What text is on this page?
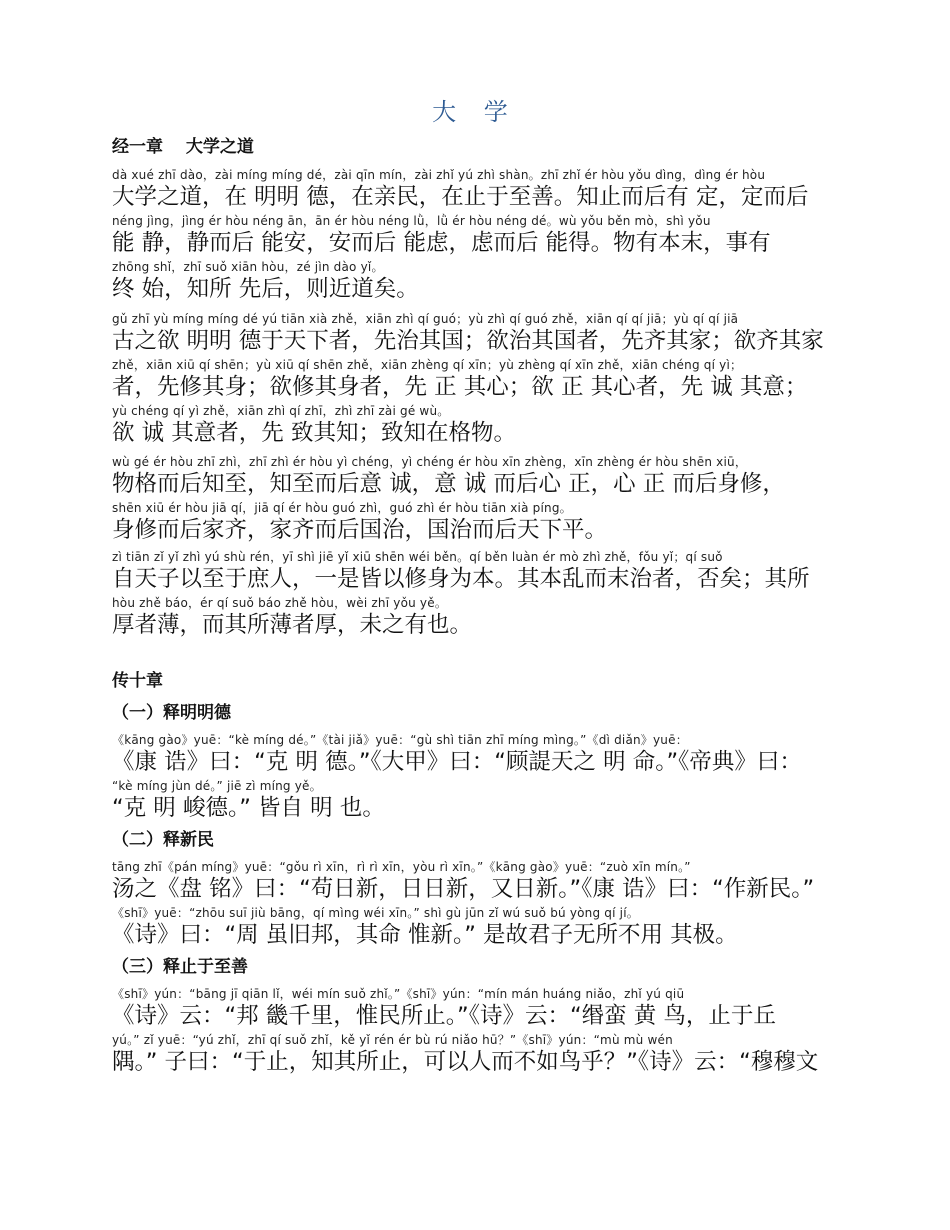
大 学
经一章　 大学之道
dà xué zhī dào，zài míng míng dé，zài qīn mín，zài zhǐ yú zhì shàn。zhī zhǐ ér hòu yǒu dìng，dìng ér hòu
大学之道，在 明明 德，在亲民，在止于至善。知止而后有 定，定而后
néng jìng，jìng ér hòu néng ān，ān ér hòu néng lǜ，lǜ ér hòu néng dé。wù yǒu běn mò，shì yǒu
能 静，静而后 能安，安而后 能虑，虑而后 能得。物有本末，事有
zhōng shǐ，zhī suǒ xiān hòu，zé jìn dào yǐ。
终 始，知所 先后，则近道矣。
gǔ zhī yù míng míng dé yú tiān xià zhě，xiān zhì qí guó；yù zhì qí guó zhě，xiān qí qí jiā；yù qí qí jiā
古之欲 明明 德于天下者，先治其国；欲治其国者，先齐其家；欲齐其家
zhě，xiān xiū qí shēn；yù xiū qí shēn zhě，xiān zhèng qí xīn；yù zhèng qí xīn zhě，xiān chéng qí yì；
者，先修其身；欲修其身者，先 正 其心；欲 正 其心者，先 诚 其意；
yù chéng qí yì zhě，xiān zhì qí zhī，zhì zhī zài gé wù。
欲 诚 其意者，先 致其知；致知在格物。
wù gé ér hòu zhī zhì，zhī zhì ér hòu yì chéng，yì chéng ér hòu xīn zhèng，xīn zhèng ér hòu shēn xiū，
物格而后知至，知至而后意 诚，意 诚 而后心 正，心 正 而后身修，
shēn xiū ér hòu jiā qí，jiā qí ér hòu guó zhì，guó zhì ér hòu tiān xià píng。
身修而后家齐，家齐而后国治，国治而后天下平。
zì tiān zǐ yǐ zhì yú shù rén，yī shì jiē yǐ xiū shēn wéi běn。qí běn luàn ér mò zhì zhě，fǒu yǐ；qí suǒ
自天子以至于庶人，一是皆以修身为本。其本乱而末治者，否矣；其所
hòu zhě báo，ér qí suǒ báo zhě hòu，wèi zhī yǒu yě。
厚者薄，而其所薄者厚，未之有也。
传十章
（一）释明明德
《kāng gào》yuē：“kè míng dé。”《tài jiǎ》yuē：“gù shì tiān zhī míng mìng。”《dì diǎn》yuē：
《康 诰》曰：“克 明 德。”《大甲》曰：“顾諟天之 明 命。”《帝典》曰：
“kè míng jùn dé。” jiē zì míng yě。
“克 明 峻德。” 皆自 明 也。
（二）释新民
tāng zhī《pán míng》yuē：“gǒu rì xīn，rì rì xīn，yòu rì xīn。”《kāng gào》yuē：“zuò xīn mín。”
汤之《盘 铭》曰：“苟日新，日日新，又日新。”《康 诰》曰：“作新民。”
《shī》yuē：“zhōu suī jiù bāng，qí mìng wéi xīn。” shì gù jūn zǐ wú suǒ bú yòng qí jí。
《诗》曰：“周 虽旧邦，其命 惟新。” 是故君子无所不用 其极。
（三）释止于至善
《shī》yún：“bāng jī qiān lǐ，wéi mín suǒ zhǐ。”《shī》yún：“mín mán huáng niǎo，zhǐ yú qiū
《诗》云：“邦 畿千里，惟民所止。”《诗》云：“缗蛮 黄 鸟，止于丘
yú。” zǐ yuē：“yú zhǐ，zhī qí suǒ zhǐ，kě yǐ rén ér bù rú niǎo hū？”《shī》yún：“mù mù wén
隅。” 子曰：“于止，知其所止，可以人而不如鸟乎？”《诗》云：“穆穆文
